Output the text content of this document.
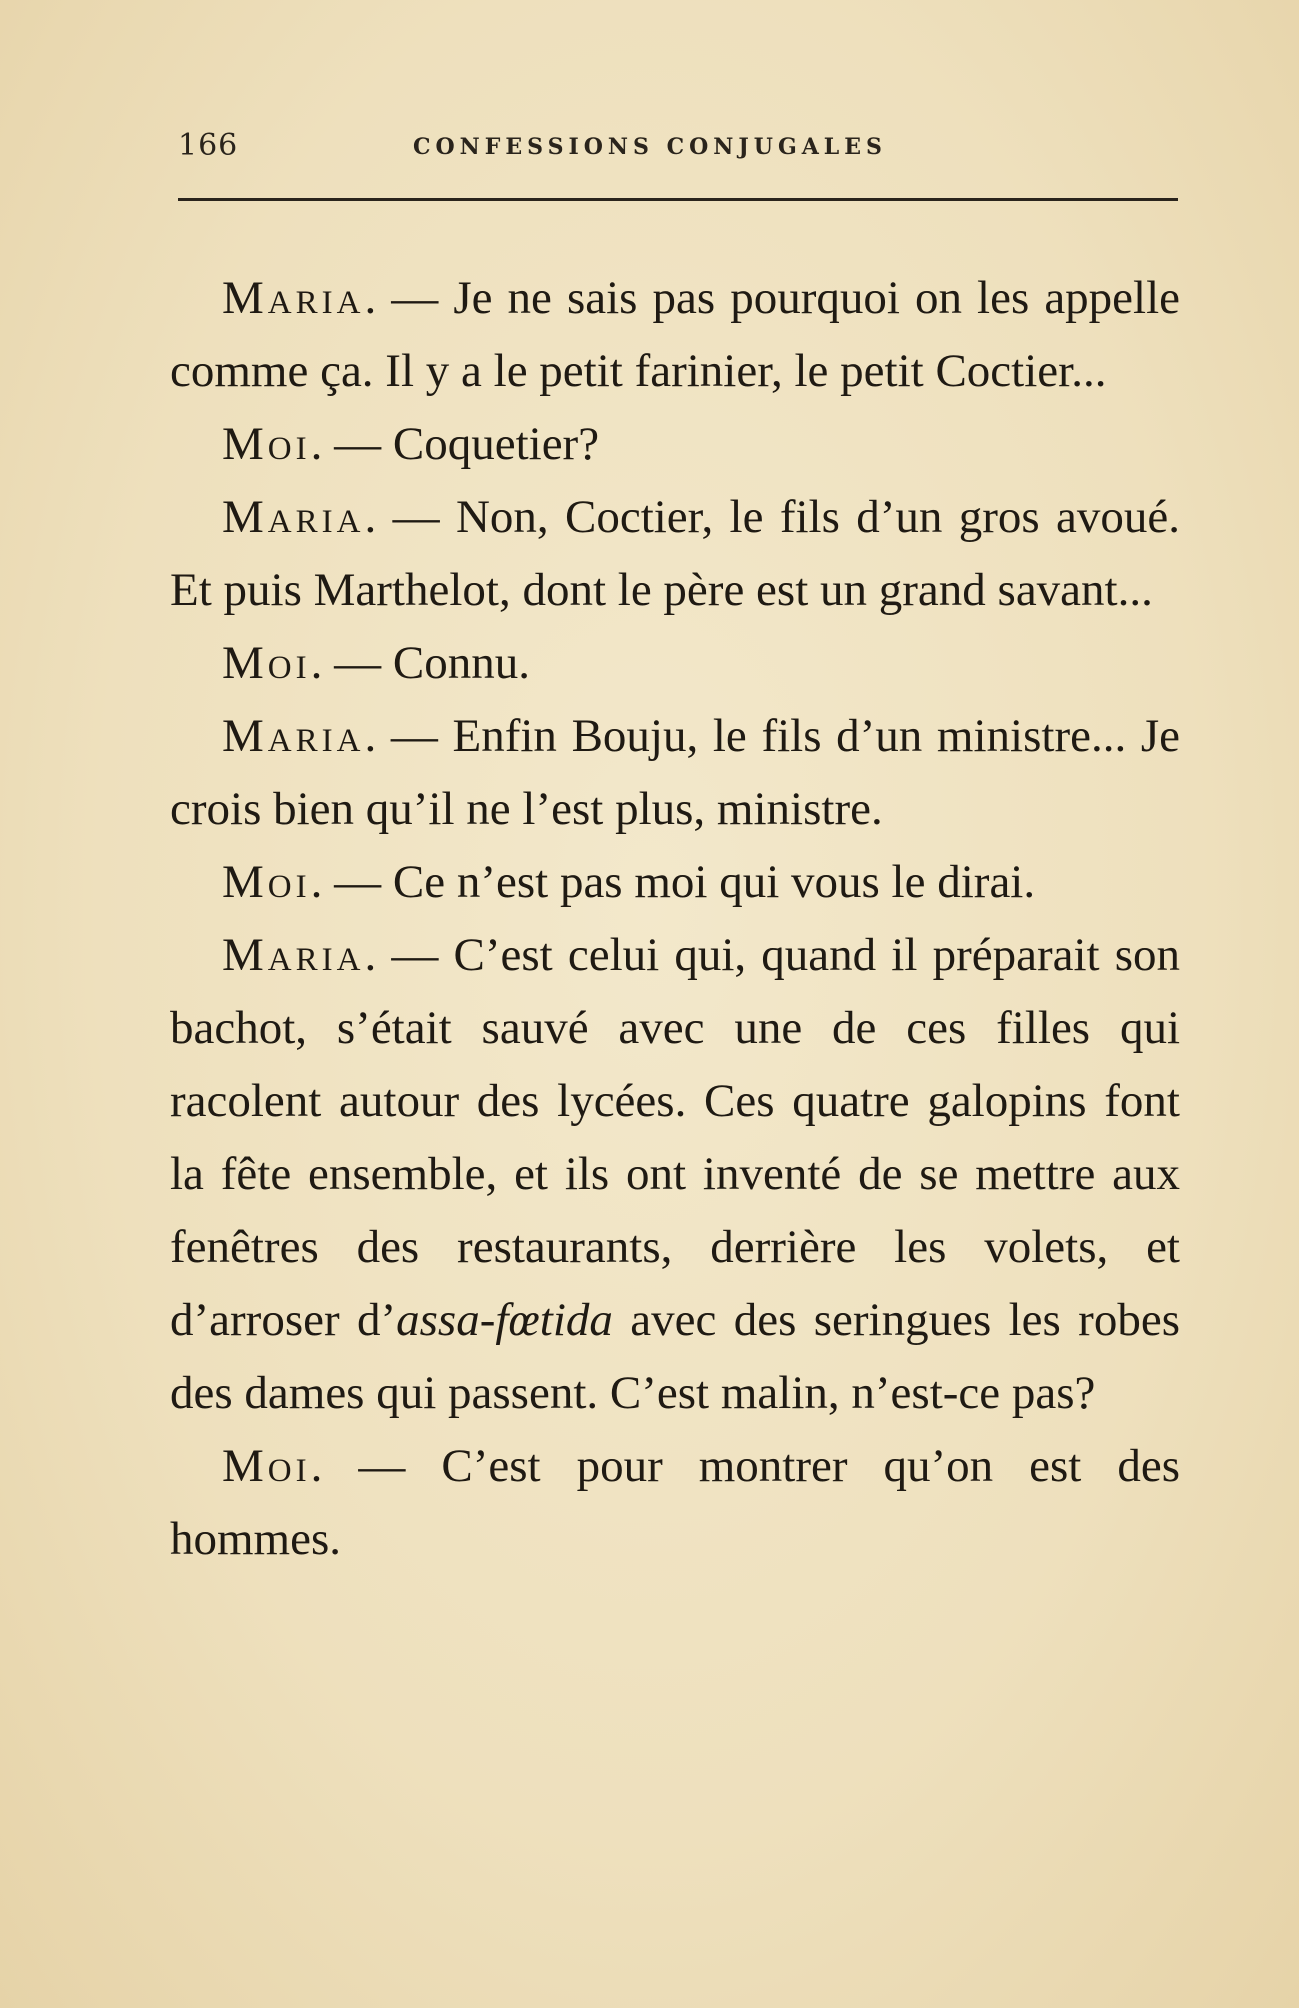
166	CONFESSIONS CONJUGALES

Maria. — Je ne sais pas pourquoi on les appelle comme ça. Il y a le petit farinier, le petit Coctier...

Moi. — Coquetier?

Maria. — Non, Coctier, le fils d’un gros avoué. Et puis Marthelot, dont le père est un grand savant...

Moi. — Connu.

Maria. — Enfin Bouju, le fils d’un ministre... Je crois bien qu’il ne l’est plus, ministre.

Moi. — Ce n’est pas moi qui vous le dirai.

Maria. — C’est celui qui, quand il préparait son bachot, s’était sauvé avec une de ces filles qui racolent autour des lycées. Ces quatre galopins font la fête ensemble, et ils ont inventé de se mettre aux fenêtres des restaurants, derrière les volets, et d’arroser d’assa-fœtida avec des seringues les robes des dames qui passent. C’est malin, n’est-ce pas?

Moi. — C’est pour montrer qu’on est des hommes.
